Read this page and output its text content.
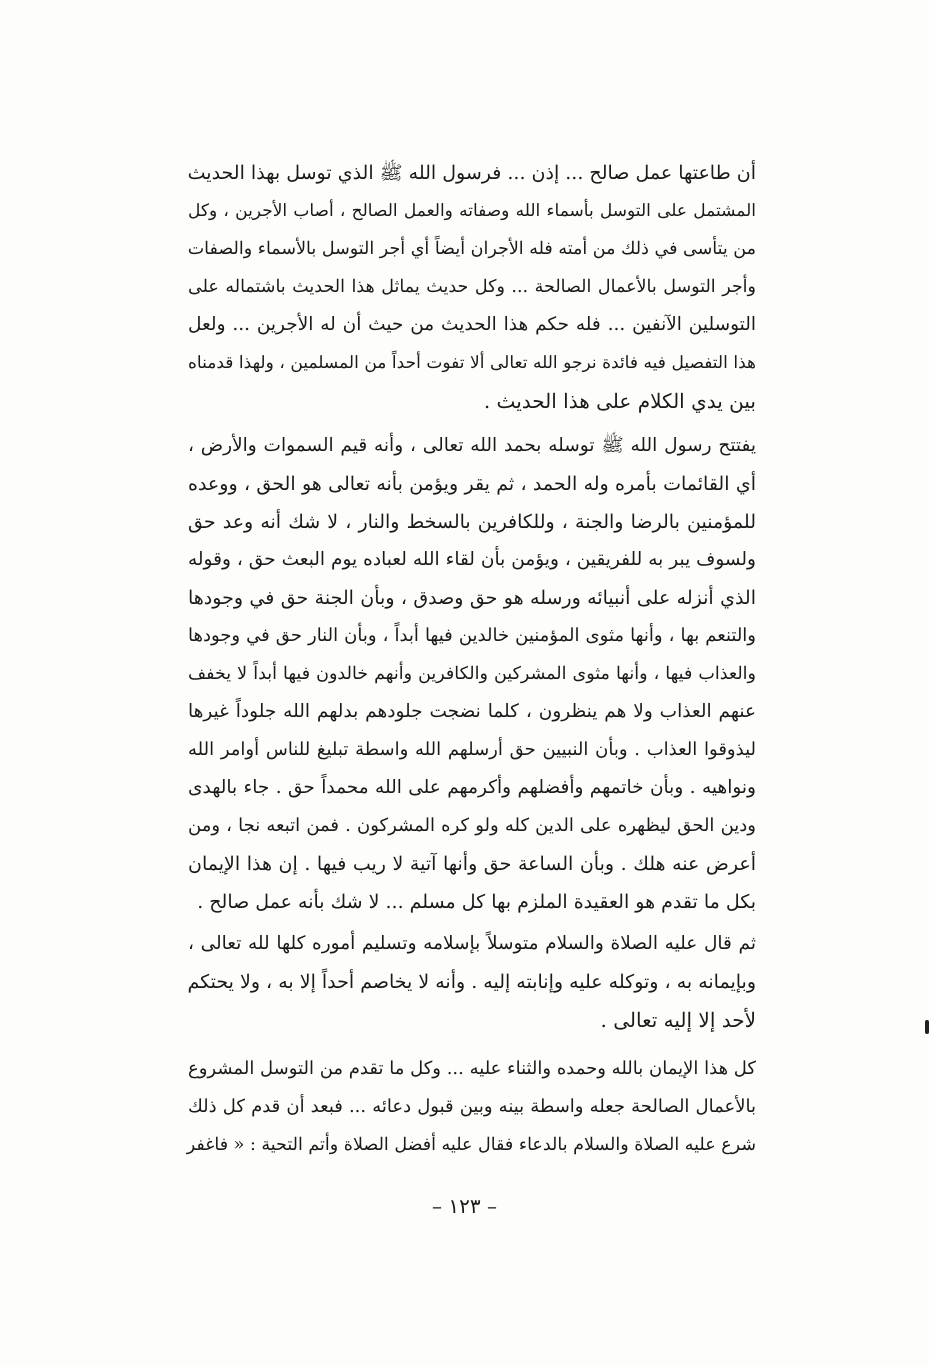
أن طاعتها عمل صالح ... إذن ... فرسول الله ﷺ الذي توسل بهذا الحديث
المشتمل على التوسل بأسماء الله وصفاته والعمل الصالح ، أصاب الأجرين ، وكل
من يتأسى في ذلك من أمته فله الأجران أيضاً أي أجر التوسل بالأسماء والصفات
وأجر التوسل بالأعمال الصالحة ... وكل حديث يماثل هذا الحديث باشتماله على
التوسلين الآنفين ... فله حكم هذا الحديث من حيث أن له الأجرين ... ولعل
هذا التفصيل فيه فائدة نرجو الله تعالى ألا تفوت أحداً من المسلمين ، ولهذا قدمناه
بين يدي الكلام على هذا الحديث .
يفتتح رسول الله ﷺ توسله بحمد الله تعالى ، وأنه قيم السموات والأرض ،
أي القائمات بأمره وله الحمد ، ثم يقر ويؤمن بأنه تعالى هو الحق ، ووعده
للمؤمنين بالرضا والجنة ، وللكافرين بالسخط والنار ، لا شك أنه وعد حق
ولسوف يبر به للفريقين ، ويؤمن بأن لقاء الله لعباده يوم البعث حق ، وقوله
الذي أنزله على أنبيائه ورسله هو حق وصدق ، وبأن الجنة حق في وجودها
والتنعم بها ، وأنها مثوى المؤمنين خالدين فيها أبداً ، وبأن النار حق في وجودها
والعذاب فيها ، وأنها مثوى المشركين والكافرين وأنهم خالدون فيها أبداً لا يخفف
عنهم العذاب ولا هم ينظرون ، كلما نضجت جلودهم بدلهم الله جلوداً غيرها
ليذوقوا العذاب . وبأن النبيين حق أرسلهم الله واسطة تبليغ للناس أوامر الله
ونواهيه . وبأن خاتمهم وأفضلهم وأكرمهم على الله محمداً حق . جاء بالهدى
ودين الحق ليظهره على الدين كله ولو كره المشركون . فمن اتبعه نجا ، ومن
أعرض عنه هلك . وبأن الساعة حق وأنها آتية لا ريب فيها . إن هذا الإيمان
بكل ما تقدم هو العقيدة الملزم بها كل مسلم ... لا شك بأنه عمل صالح .
ثم قال عليه الصلاة والسلام متوسلاً بإسلامه وتسليم أموره كلها لله تعالى ،
وبإيمانه به ، وتوكله عليه وإنابته إليه . وأنه لا يخاصم أحداً إلا به ، ولا يحتكم
لأحد إلا إليه تعالى .
كل هذا الإيمان بالله وحمده والثناء عليه ... وكل ما تقدم من التوسل المشروع
بالأعمال الصالحة جعله واسطة بينه وبين قبول دعائه ... فبعد أن قدم كل ذلك
شرع عليه الصلاة والسلام بالدعاء فقال عليه أفضل الصلاة وأتم التحية : « فاغفر
– ١٢٣ –
